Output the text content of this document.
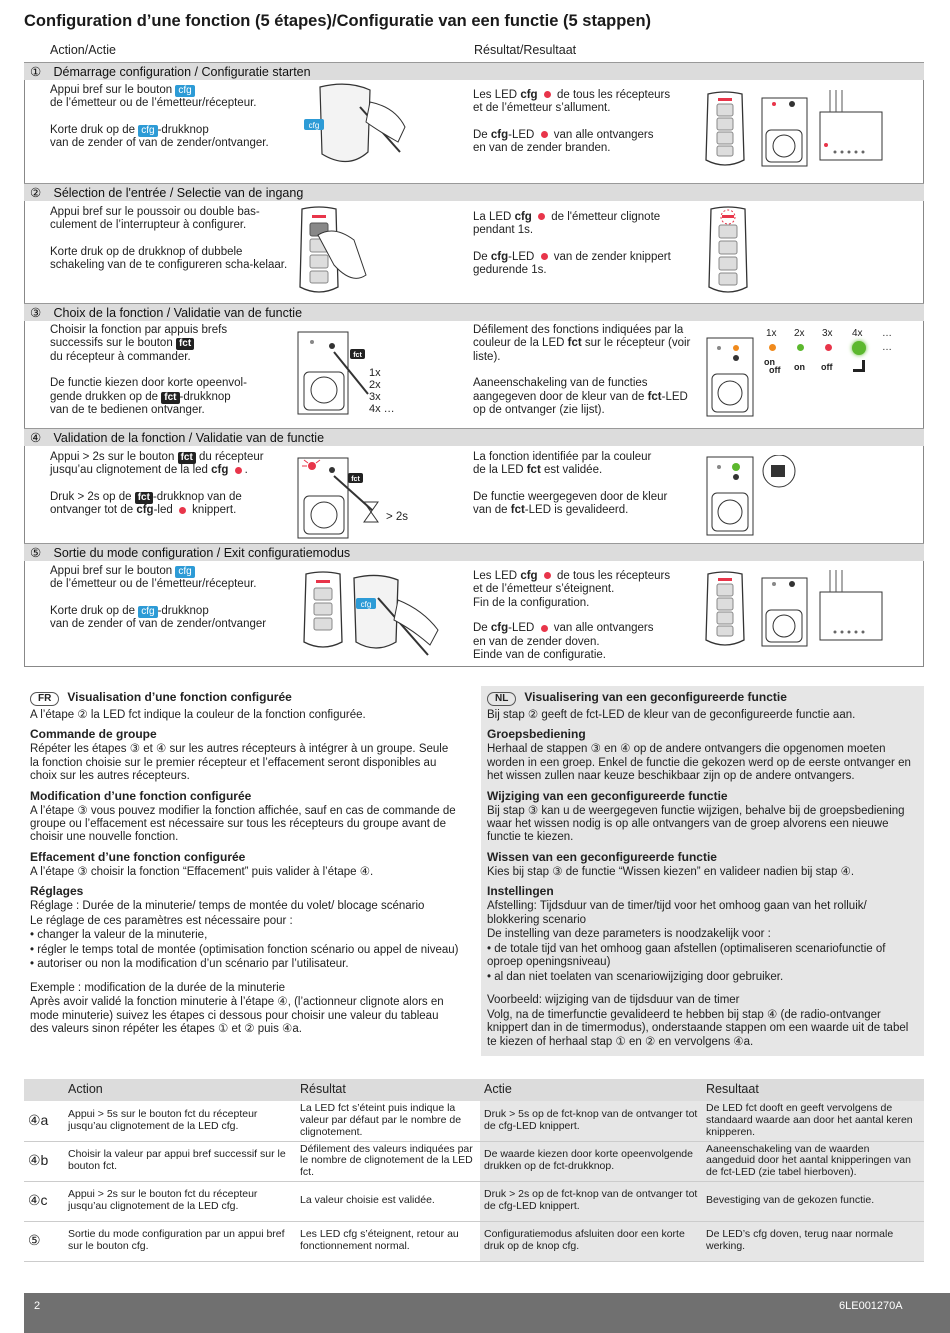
Configuration d’une fonction (5 étapes)/Configuratie van een functie (5 stappen)
Action/Actie	Résultat/Resultaat
① Démarrage configuration / Configuratie starten

Appui bref sur le bouton cfg
de l’émetteur ou de l’émetteur/récepteur.

Korte druk op de cfg -drukknop
van de zender of van de zender/ontvanger.

Les LED cfg de tous les récepteurs
et de l’émetteur s’allument.

De cfg-LED van alle ontvangers
en van de zender branden.

cfg
② Sélection de l'entrée / Selectie van de ingang

Appui bref sur le poussoir ou double bas-culement de l’interrupteur à configurer.

Korte druk op de drukknop of dubbele schakeling van de te configureren scha-kelaar.

La LED cfg de l'émetteur clignote
pendant 1s.

De cfg-LED van de zender knippert
gedurende 1s.

③ Choix de la fonction / Validatie van de functie

Choisir la fonction par appuis brefs successifs sur le bouton fct
du récepteur à commander.

De functie kiezen door korte opeenvol-gende drukken op de fct -drukknop
van de te bedienen ontvanger.

fct
1x
2x
3x
4x …

Défilement des fonctions indiquées par la couleur de la LED fct sur le récepteur (voir liste).

Aaneenschakeling van de functies aangegeven door de kleur van de fct-LED op de ontvanger (zie lijst).

1x 2x 3x 4x …
…
on
off on off
④ Validation de la fonction / Validatie van de functie

Appui > 2s sur le bouton fct du récepteur
jusqu’au clignotement de la led cfg .

Druk > 2s op de fct -drukknop van de
ontvanger tot de cfg-led knippert.

fct
> 2s

La fonction identifiée par la couleur
de la LED fct est validée.

De functie weergegeven door de kleur
van de fct-LED is gevalideerd.

⑤ Sortie du mode configuration / Exit configuratiemodus

Appui bref sur le bouton cfg
de l’émetteur ou de l’émetteur/récepteur.

Korte druk op de cfg -drukknop
van de zender of van de zender/ontvanger

cfg

Les LED cfg de tous les récepteurs
et de l’émetteur s’éteignent.
Fin de la configuration.

De cfg-LED van alle ontvangers
en van de zender doven.
Einde van de configuratie.

FR Visualisation d’une fonction configurée

A l’étape ② la LED fct indique la couleur de la fonction configurée.

Commande de groupe

Répéter les étapes ③ et ④ sur les autres récepteurs à intégrer à un groupe. Seule la fonction choisie sur le premier récepteur et l’effacement seront disponibles au choix sur les autres récepteurs.

Modification d’une fonction configurée

A l’étape ③ vous pouvez modifier la fonction affichée, sauf en cas de commande de groupe ou l’effacement est nécessaire sur tous les récepteurs du groupe avant de choisir une nouvelle fonction.

Effacement d’une fonction configurée

A l’étape ③ choisir la fonction “Effacement” puis valider à l’étape ④.

Réglages

Réglage : Durée de la minuterie/ temps de montée du volet/ blocage scénario

Le réglage de ces paramètres est nécessaire pour :

• changer la valeur de la minuterie,

• régler le temps total de montée (optimisation fonction scénario ou appel de niveau)

• autoriser ou non la modification d’un scénario par l’utilisateur.

Exemple : modification de la durée de la minuterie

Après avoir validé la fonction minuterie à l’étape ④, (l’actionneur clignote alors en mode minuterie) suivez les étapes ci dessous pour choisir une valeur du tableau des valeurs sinon répéter les étapes ① et ② puis ④a.

NL Visualisering van een geconfigureerde functie

Bij stap ② geeft de fct-LED de kleur van de geconfigureerde functie aan.

Groepsbediening

Herhaal de stappen ③ en ④ op de andere ontvangers die opgenomen moeten worden in een groep. Enkel de functie die gekozen werd op de eerste ontvanger en het wissen zullen naar keuze beschikbaar zijn op de andere ontvangers.

Wijziging van een geconfigureerde functie

Bij stap ③ kan u de weergegeven functie wijzigen, behalve bij de groepsbediening waar het wissen nodig is op alle ontvangers van de groep alvorens een nieuwe functie te kiezen.

Wissen van een geconfigureerde functie

Kies bij stap ③ de functie “Wissen kiezen” en valideer nadien bij stap ④.

Instellingen

Afstelling: Tijdsduur van de timer/tijd voor het omhoog gaan van het rolluik/ blokkering scenario

De instelling van deze parameters is noodzakelijk voor :

• de totale tijd van het omhoog gaan afstellen (optimaliseren scenariofunctie of oproep openingsniveau)

• al dan niet toelaten van scenariowijziging door gebruiker.

Voorbeeld: wijziging van de tijdsduur van de timer

Volg, na de timerfunctie gevalideerd te hebben bij stap ④ (de radio-ontvanger knippert dan in de timermodus), onderstaande stappen om een waarde uit de tabel te kiezen of herhaal stap ① en ② en vervolgens ④a.

	Action	Résultat	Actie	Resultaat
④a	Appui > 5s sur le bouton fct du récepteur jusqu’au clignotement de la LED cfg.	La LED fct s’éteint puis indique la valeur par défaut par le nombre de clignotement.	Druk > 5s op de fct-knop van de ontvanger tot de cfg-LED knippert.	De LED fct dooft en geeft vervolgens de standaard waarde aan door het aantal keren knipperen.
④b	Choisir la valeur par appui bref successif sur le bouton fct.	Défilement des valeurs indiquées par le nombre de clignotement de la LED fct.	De waarde kiezen door korte opeenvolgende drukken op de fct-drukknop.	Aaneenschakeling van de waarden aangeduid door het aantal knipperingen van de fct-LED (zie tabel hierboven).
④c	Appui > 2s sur le bouton fct du récepteur jusqu’au clignotement de la LED cfg.	La valeur choisie est validée.	Druk > 2s op de fct-knop van de ontvanger tot de cfg-LED knippert.	Bevestiging van de gekozen functie.
⑤	Sortie du mode configuration par un appui bref sur le bouton cfg.	Les LED cfg s’éteignent, retour au fonctionnement normal.	Configuratiemodus afsluiten door een korte druk op de knop cfg.	De LED’s cfg doven, terug naar normale werking.
2	6LE001270A
